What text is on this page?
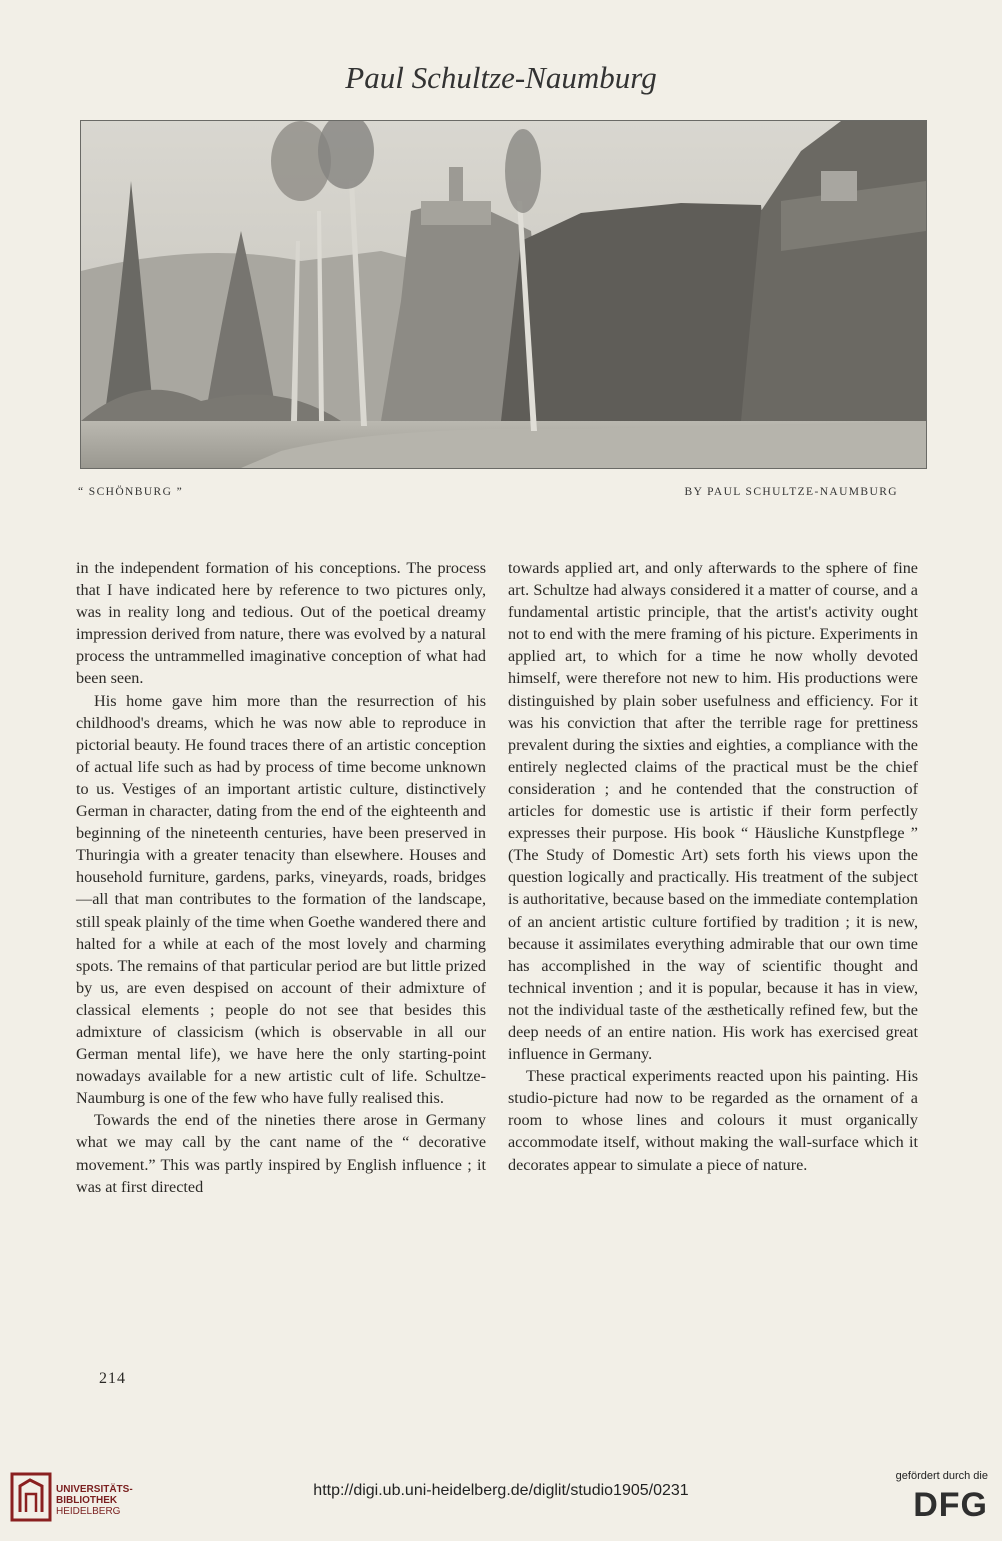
Paul Schultze-Naumburg
“ SCHÖNBURG ”	BY PAUL SCHULTZE-NAUMBURG

in the independent formation of his conceptions. The process that I have indicated here by reference to two pictures only, was in reality long and tedious. Out of the poetical dreamy impression derived from nature, there was evolved by a natural process the untrammelled imaginative conception of what had been seen.

His home gave him more than the resurrection of his childhood's dreams, which he was now able to reproduce in pictorial beauty. He found traces there of an artistic conception of actual life such as had by process of time become unknown to us. Vestiges of an important artistic culture, distinctively German in character, dating from the end of the eighteenth and beginning of the nineteenth centuries, have been preserved in Thuringia with a greater tenacity than elsewhere. Houses and household furniture, gardens, parks, vineyards, roads, bridges—all that man contributes to the formation of the landscape, still speak plainly of the time when Goethe wandered there and halted for a while at each of the most lovely and charming spots. The remains of that particular period are but little prized by us, are even despised on account of their admixture of classical elements ; people do not see that besides this admixture of classicism (which is observable in all our German mental life), we have here the only starting-point nowadays available for a new artistic cult of life. Schultze-Naumburg is one of the few who have fully realised this.

Towards the end of the nineties there arose in Germany what we may call by the cant name of the “ decorative movement.” This was partly inspired by English influence ; it was at first directed

towards applied art, and only afterwards to the sphere of fine art. Schultze had always considered it a matter of course, and a fundamental artistic principle, that the artist's activity ought not to end with the mere framing of his picture. Experiments in applied art, to which for a time he now wholly devoted himself, were therefore not new to him. His productions were distinguished by plain sober usefulness and efficiency. For it was his conviction that after the terrible rage for prettiness prevalent during the sixties and eighties, a compliance with the entirely neglected claims of the practical must be the chief consideration ; and he contended that the construction of articles for domestic use is artistic if their form perfectly expresses their purpose. His book “ Häusliche Kunstpflege ” (The Study of Domestic Art) sets forth his views upon the question logically and practically. His treatment of the subject is authoritative, because based on the immediate contemplation of an ancient artistic culture fortified by tradition ; it is new, because it assimilates everything admirable that our own time has accomplished in the way of scientific thought and technical invention ; and it is popular, because it has in view, not the individual taste of the æsthetically refined few, but the deep needs of an entire nation. His work has exercised great influence in Germany.

These practical experiments reacted upon his painting. His studio-picture had now to be regarded as the ornament of a room to whose lines and colours it must organically accommodate itself, without making the wall-surface which it decorates appear to simulate a piece of nature.

214
UNIVERSITÄTS-
BIBLIOTHEK
HEIDELBERG
http://digi.ub.uni-heidelberg.de/diglit/studio1905/0231
gefördert durch die
DFG
